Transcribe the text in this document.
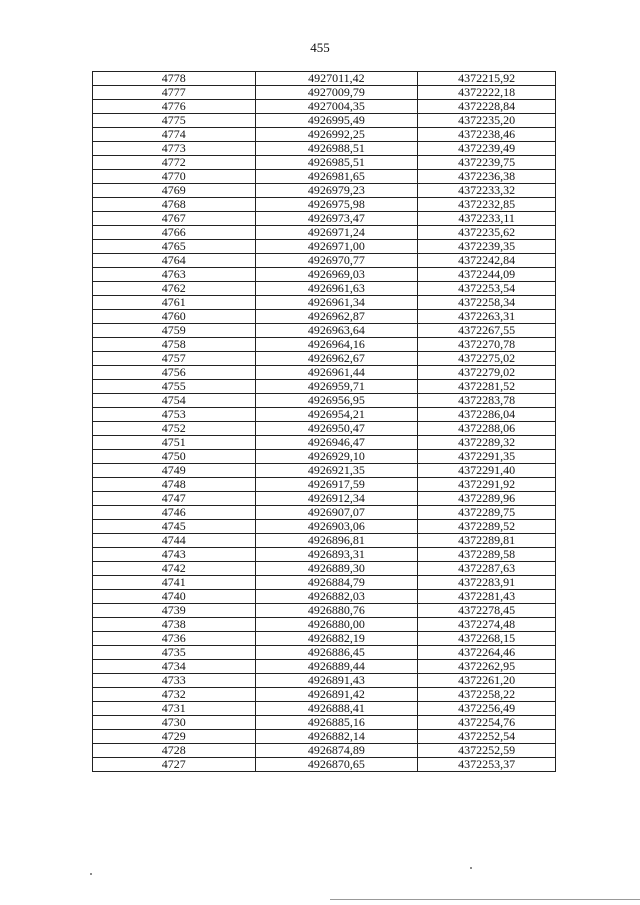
455
4778	4927011,42	4372215,92
4777	4927009,79	4372222,18
4776	4927004,35	4372228,84
4775	4926995,49	4372235,20
4774	4926992,25	4372238,46
4773	4926988,51	4372239,49
4772	4926985,51	4372239,75
4770	4926981,65	4372236,38
4769	4926979,23	4372233,32
4768	4926975,98	4372232,85
4767	4926973,47	4372233,11
4766	4926971,24	4372235,62
4765	4926971,00	4372239,35
4764	4926970,77	4372242,84
4763	4926969,03	4372244,09
4762	4926961,63	4372253,54
4761	4926961,34	4372258,34
4760	4926962,87	4372263,31
4759	4926963,64	4372267,55
4758	4926964,16	4372270,78
4757	4926962,67	4372275,02
4756	4926961,44	4372279,02
4755	4926959,71	4372281,52
4754	4926956,95	4372283,78
4753	4926954,21	4372286,04
4752	4926950,47	4372288,06
4751	4926946,47	4372289,32
4750	4926929,10	4372291,35
4749	4926921,35	4372291,40
4748	4926917,59	4372291,92
4747	4926912,34	4372289,96
4746	4926907,07	4372289,75
4745	4926903,06	4372289,52
4744	4926896,81	4372289,81
4743	4926893,31	4372289,58
4742	4926889,30	4372287,63
4741	4926884,79	4372283,91
4740	4926882,03	4372281,43
4739	4926880,76	4372278,45
4738	4926880,00	4372274,48
4736	4926882,19	4372268,15
4735	4926886,45	4372264,46
4734	4926889,44	4372262,95
4733	4926891,43	4372261,20
4732	4926891,42	4372258,22
4731	4926888,41	4372256,49
4730	4926885,16	4372254,76
4729	4926882,14	4372252,54
4728	4926874,89	4372252,59
4727	4926870,65	4372253,37
